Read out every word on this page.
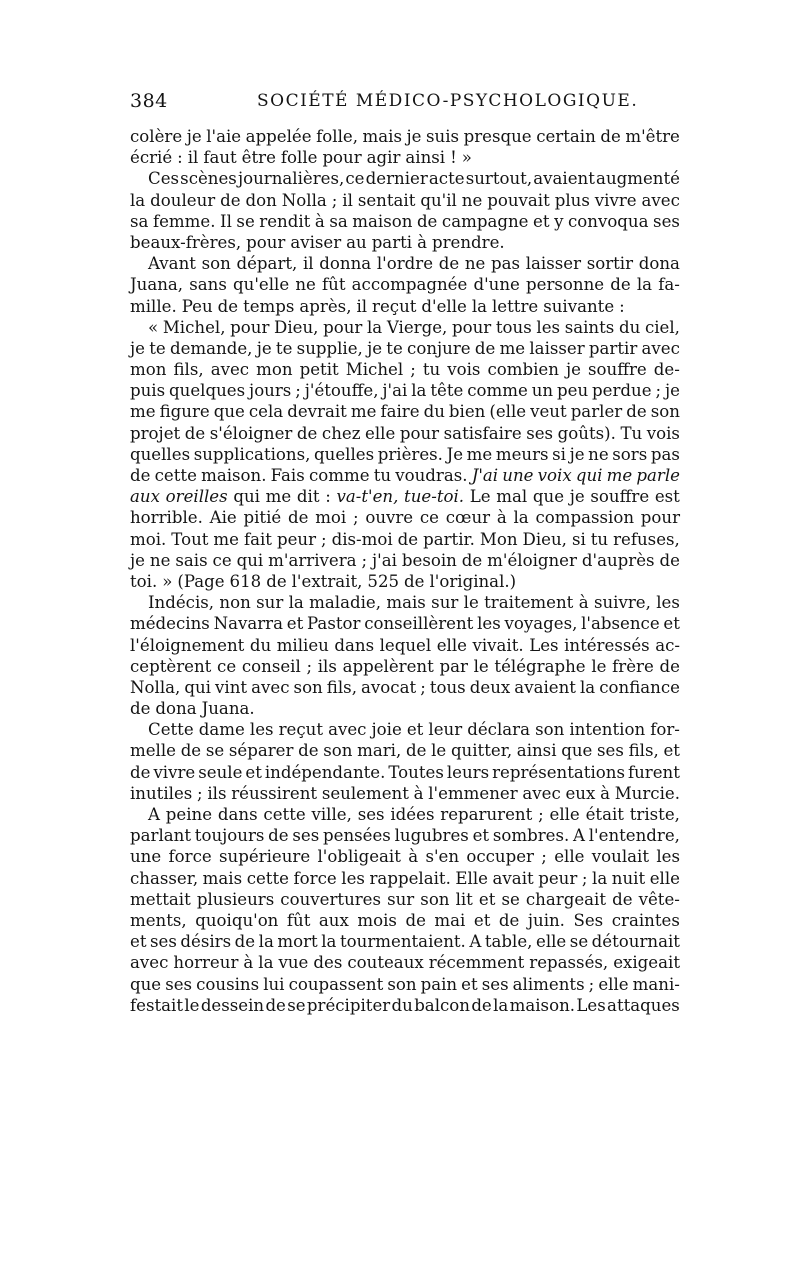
384	SOCIÉTÉ MÉDICO-PSYCHOLOGIQUE.
colère je l'aie appelée folle, mais je suis presque certain de m'être
écrié : il faut être folle pour agir ainsi ! »
Ces scènes journalières, ce dernier acte surtout, avaient augmenté
la douleur de don Nolla ; il sentait qu'il ne pouvait plus vivre avec
sa femme. Il se rendit à sa maison de campagne et y convoqua ses
beaux-frères, pour aviser au parti à prendre.
Avant son départ, il donna l'ordre de ne pas laisser sortir dona
Juana, sans qu'elle ne fût accompagnée d'une personne de la fa-
mille. Peu de temps après, il reçut d'elle la lettre suivante :
« Michel, pour Dieu, pour la Vierge, pour tous les saints du ciel,
je te demande, je te supplie, je te conjure de me laisser partir avec
mon fils, avec mon petit Michel ; tu vois combien je souffre de-
puis quelques jours ; j'étouffe, j'ai la tête comme un peu perdue ; je
me figure que cela devrait me faire du bien (elle veut parler de son
projet de s'éloigner de chez elle pour satisfaire ses goûts). Tu vois
quelles supplications, quelles prières. Je me meurs si je ne sors pas
de cette maison. Fais comme tu voudras. J'ai une voix qui me parle
aux oreilles qui me dit : va-t'en, tue-toi. Le mal que je souffre est
horrible. Aie pitié de moi ; ouvre ce cœur à la compassion pour
moi. Tout me fait peur ; dis-moi de partir. Mon Dieu, si tu refuses,
je ne sais ce qui m'arrivera ; j'ai besoin de m'éloigner d'auprès de
toi. » (Page 618 de l'extrait, 525 de l'original.)
Indécis, non sur la maladie, mais sur le traitement à suivre, les
médecins Navarra et Pastor conseillèrent les voyages, l'absence et
l'éloignement du milieu dans lequel elle vivait. Les intéressés ac-
ceptèrent ce conseil ; ils appelèrent par le télégraphe le frère de
Nolla, qui vint avec son fils, avocat ; tous deux avaient la confiance
de dona Juana.
Cette dame les reçut avec joie et leur déclara son intention for-
melle de se séparer de son mari, de le quitter, ainsi que ses fils, et
de vivre seule et indépendante. Toutes leurs représentations furent
inutiles ; ils réussirent seulement à l'emmener avec eux à Murcie.
A peine dans cette ville, ses idées reparurent ; elle était triste,
parlant toujours de ses pensées lugubres et sombres. A l'entendre,
une force supérieure l'obligeait à s'en occuper ; elle voulait les
chasser, mais cette force les rappelait. Elle avait peur ; la nuit elle
mettait plusieurs couvertures sur son lit et se chargeait de vête-
ments, quoiqu'on fût aux mois de mai et de juin. Ses craintes
et ses désirs de la mort la tourmentaient. A table, elle se détournait
avec horreur à la vue des couteaux récemment repassés, exigeait
que ses cousins lui coupassent son pain et ses aliments ; elle mani-
festait le dessein de se précipiter du balcon de la maison. Les attaques
